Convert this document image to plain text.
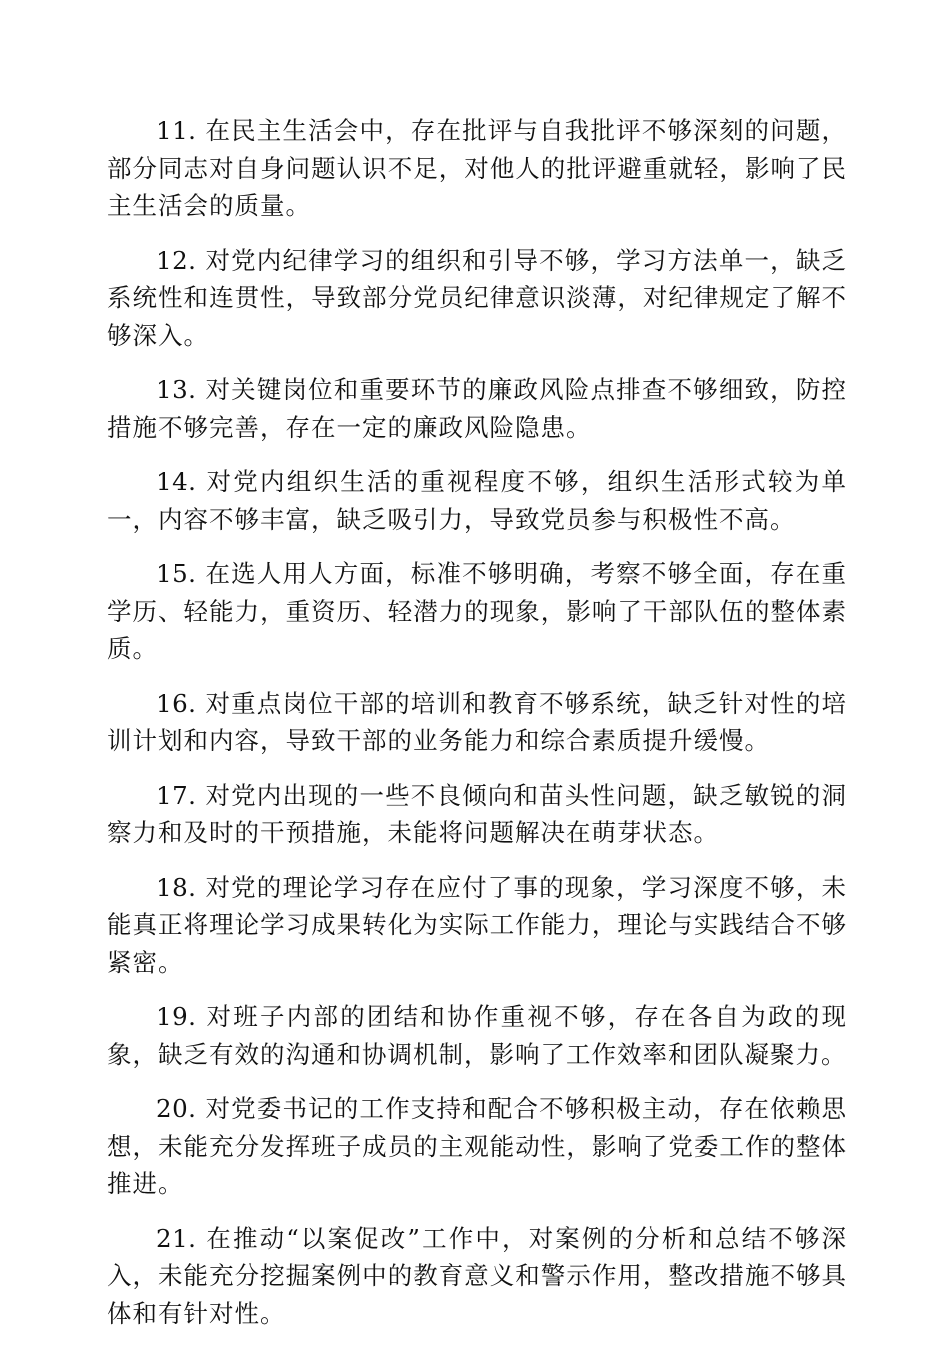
11. 在民主生活会中，存在批评与自我批评不够深刻的问题，部分同志对自身问题认识不足，对他人的批评避重就轻，影响了民主生活会的质量。

12. 对党内纪律学习的组织和引导不够，学习方法单一，缺乏系统性和连贯性，导致部分党员纪律意识淡薄，对纪律规定了解不够深入。

13. 对关键岗位和重要环节的廉政风险点排查不够细致，防控措施不够完善，存在一定的廉政风险隐患。

14. 对党内组织生活的重视程度不够，组织生活形式较为单一，内容不够丰富，缺乏吸引力，导致党员参与积极性不高。

15. 在选人用人方面，标准不够明确，考察不够全面，存在重学历、轻能力，重资历、轻潜力的现象，影响了干部队伍的整体素质。

16. 对重点岗位干部的培训和教育不够系统，缺乏针对性的培训计划和内容，导致干部的业务能力和综合素质提升缓慢。

17. 对党内出现的一些不良倾向和苗头性问题，缺乏敏锐的洞察力和及时的干预措施，未能将问题解决在萌芽状态。

18. 对党的理论学习存在应付了事的现象，学习深度不够，未能真正将理论学习成果转化为实际工作能力，理论与实践结合不够紧密。

19. 对班子内部的团结和协作重视不够，存在各自为政的现象，缺乏有效的沟通和协调机制，影响了工作效率和团队凝聚力。

20. 对党委书记的工作支持和配合不够积极主动，存在依赖思想，未能充分发挥班子成员的主观能动性，影响了党委工作的整体推进。

21. 在推动“以案促改”工作中，对案例的分析和总结不够深入，未能充分挖掘案例中的教育意义和警示作用，整改措施不够具体和有针对性。
